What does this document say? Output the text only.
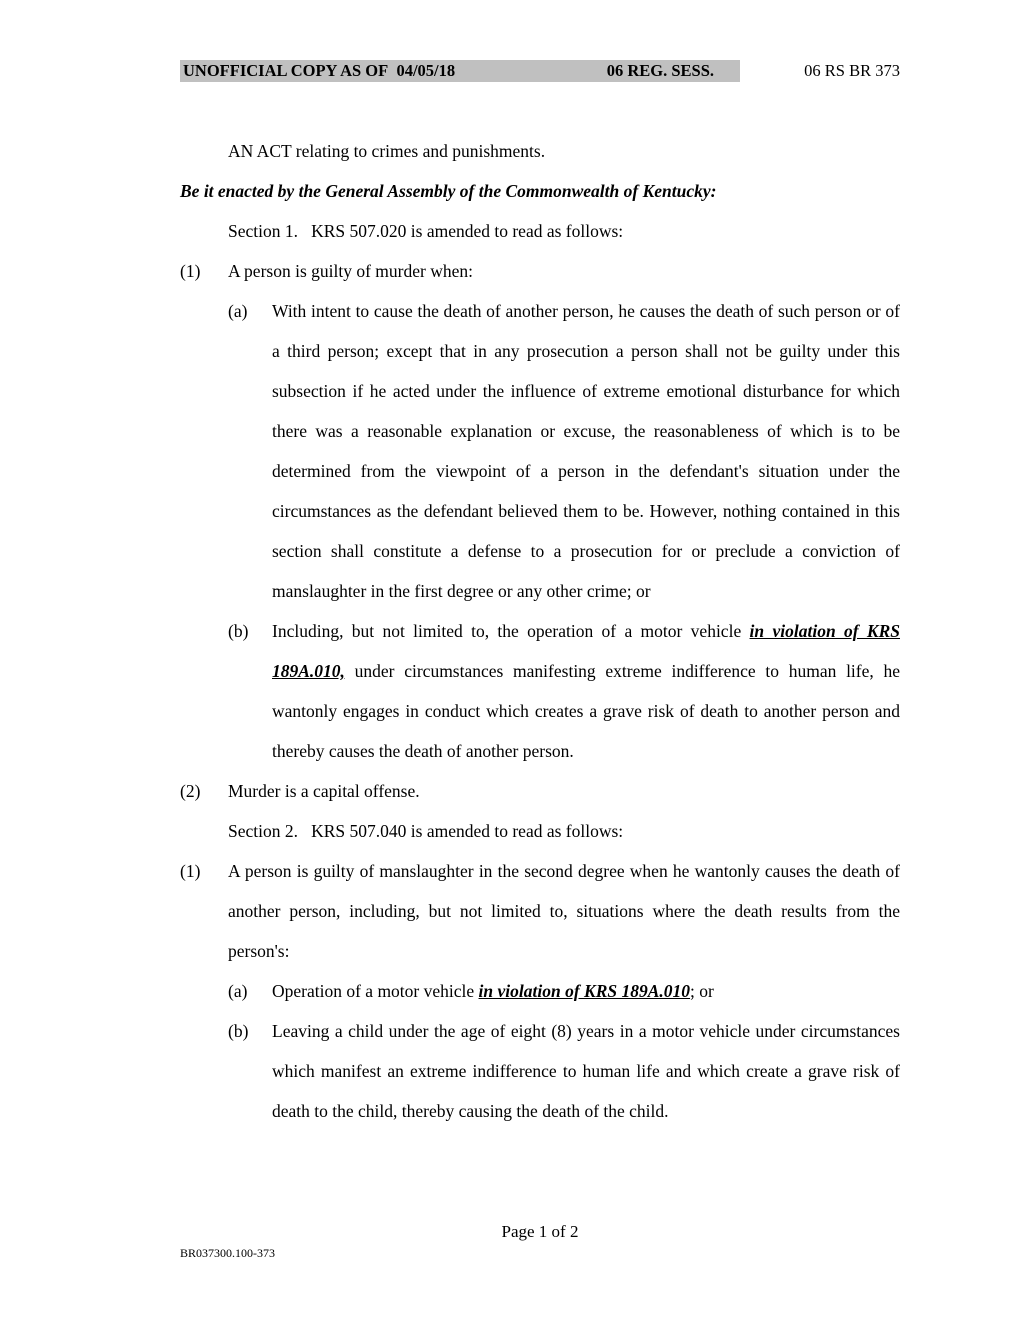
UNOFFICIAL COPY AS OF  04/05/18	06 REG. SESS.	06 RS BR 373

AN ACT relating to crimes and punishments.

Be it enacted by the General Assembly of the Commonwealth of Kentucky:

Section 1.   KRS 507.020 is amended to read as follows:

(1)	A person is guilty of murder when:
(a)	With intent to cause the death of another person, he causes the death of such person or of a third person; except that in any prosecution a person shall not be guilty under this subsection if he acted under the influence of extreme emotional disturbance for which there was a reasonable explanation or excuse, the reasonableness of which is to be determined from the viewpoint of a person in the defendant's situation under the circumstances as the defendant believed them to be. However, nothing contained in this section shall constitute a defense to a prosecution for or preclude a conviction of manslaughter in the first degree or any other crime; or
(b)	Including, but not limited to, the operation of a motor vehicle in violation of KRS 189A.010, under circumstances manifesting extreme indifference to human life, he wantonly engages in conduct which creates a grave risk of death to another person and thereby causes the death of another person.
(2)	Murder is a capital offense.

Section 2.   KRS 507.040 is amended to read as follows:

(1)	A person is guilty of manslaughter in the second degree when he wantonly causes the death of another person, including, but not limited to, situations where the death results from the person's:
(a)	Operation of a motor vehicle in violation of KRS 189A.010; or
(b)	Leaving a child under the age of eight (8) years in a motor vehicle under circumstances which manifest an extreme indifference to human life and which create a grave risk of death to the child, thereby causing the death of the child.
Page 1 of 2
BR037300.100-373
